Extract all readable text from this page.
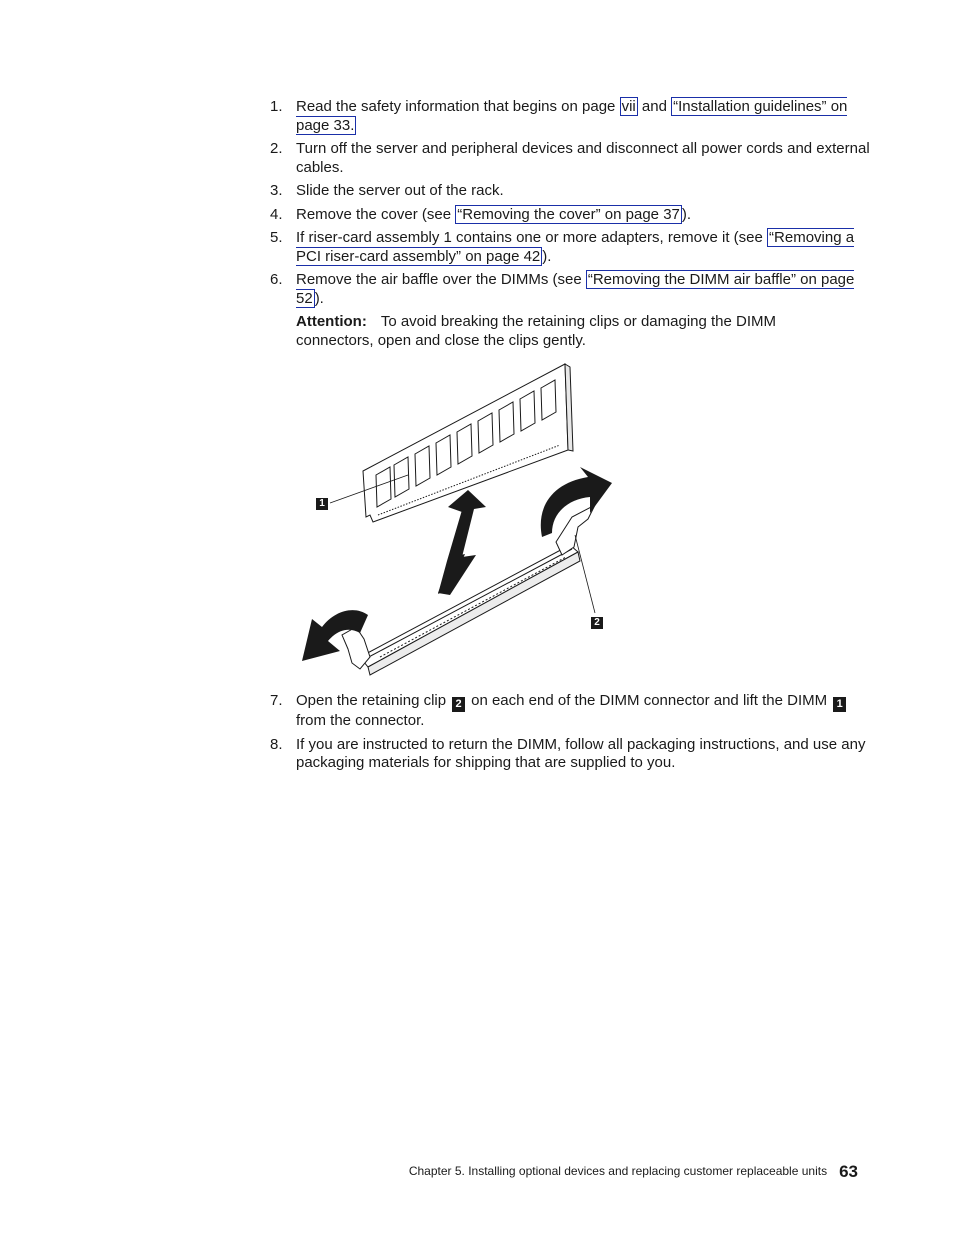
1. Read the safety information that begins on page vii and “Installation guidelines” on page 33.
2. Turn off the server and peripheral devices and disconnect all power cords and external cables.
3. Slide the server out of the rack.
4. Remove the cover (see “Removing the cover” on page 37 ).
5. If riser-card assembly 1 contains one or more adapters, remove it (see “Removing a PCI riser-card assembly” on page 42 ).
6. Remove the air baffle over the DIMMs (see “Removing the DIMM air baffle” on page 52 ).
Attention: To avoid breaking the retaining clips or damaging the DIMM connectors, open and close the clips gently.
1
2
7. Open the retaining clip 2 on each end of the DIMM connector and lift the DIMM 1from the connector.
8. If you are instructed to return the DIMM, follow all packaging instructions, and use any packaging materials for shipping that are supplied to you.
Chapter 5. Installing optional devices and replacing customer replaceable units 63
